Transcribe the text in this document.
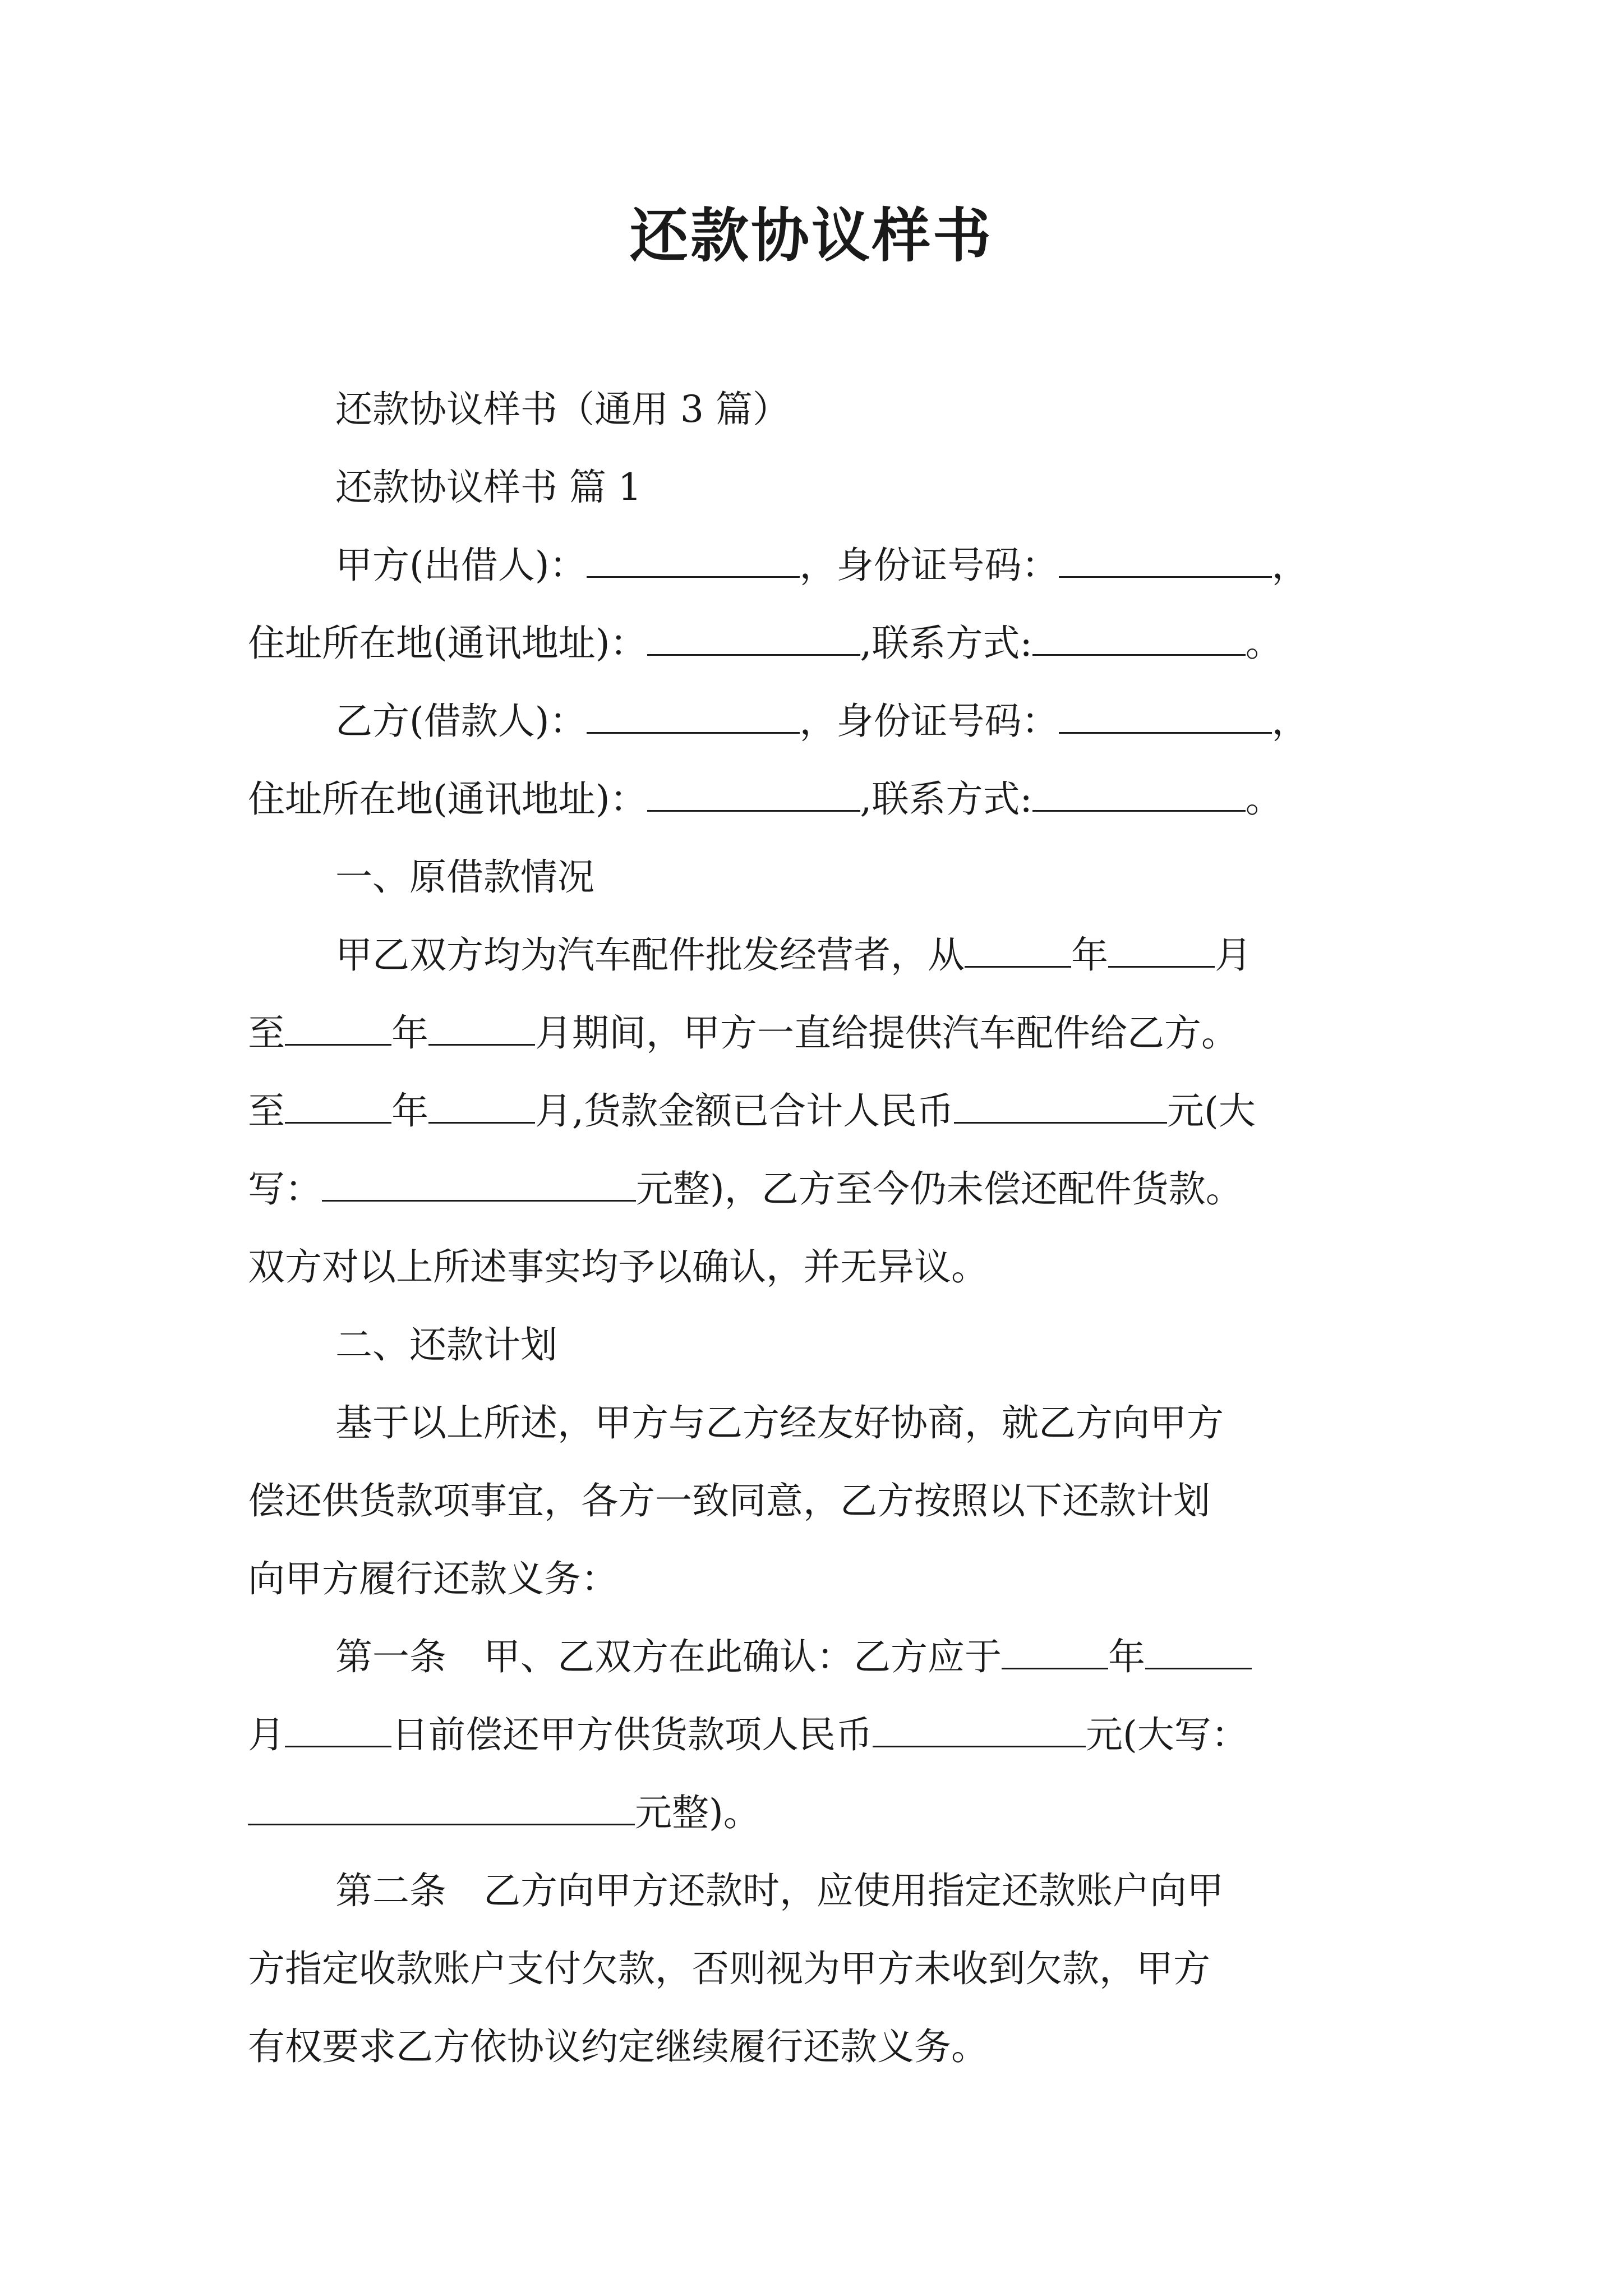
还款协议样书
还款协议样书（通用 3 篇）
还款协议样书 篇 1
甲方(出借人)：	，身份证号码：	，
住址所在地(通讯地址)：	,联系方式:	。
乙方(借款人)：	，身份证号码：	，
住址所在地(通讯地址)：	,联系方式:	。
一、原借款情况
甲乙双方均为汽车配件批发经营者，从	年	月
至	年	月期间，甲方一直给提供汽车配件给乙方。
至	年	月,货款金额已合计人民币	元(大
写：	元整)，乙方至今仍未偿还配件货款。
双方对以上所述事实均予以确认，并无异议。
二、还款计划
基于以上所述，甲方与乙方经友好协商，就乙方向甲方
偿还供货款项事宜，各方一致同意，乙方按照以下还款计划
向甲方履行还款义务：
第一条　甲、乙双方在此确认：乙方应于	年
月	日前偿还甲方供货款项人民币	元(大写：
元整)。
第二条　乙方向甲方还款时，应使用指定还款账户向甲
方指定收款账户支付欠款，否则视为甲方未收到欠款，甲方
有权要求乙方依协议约定继续履行还款义务。
